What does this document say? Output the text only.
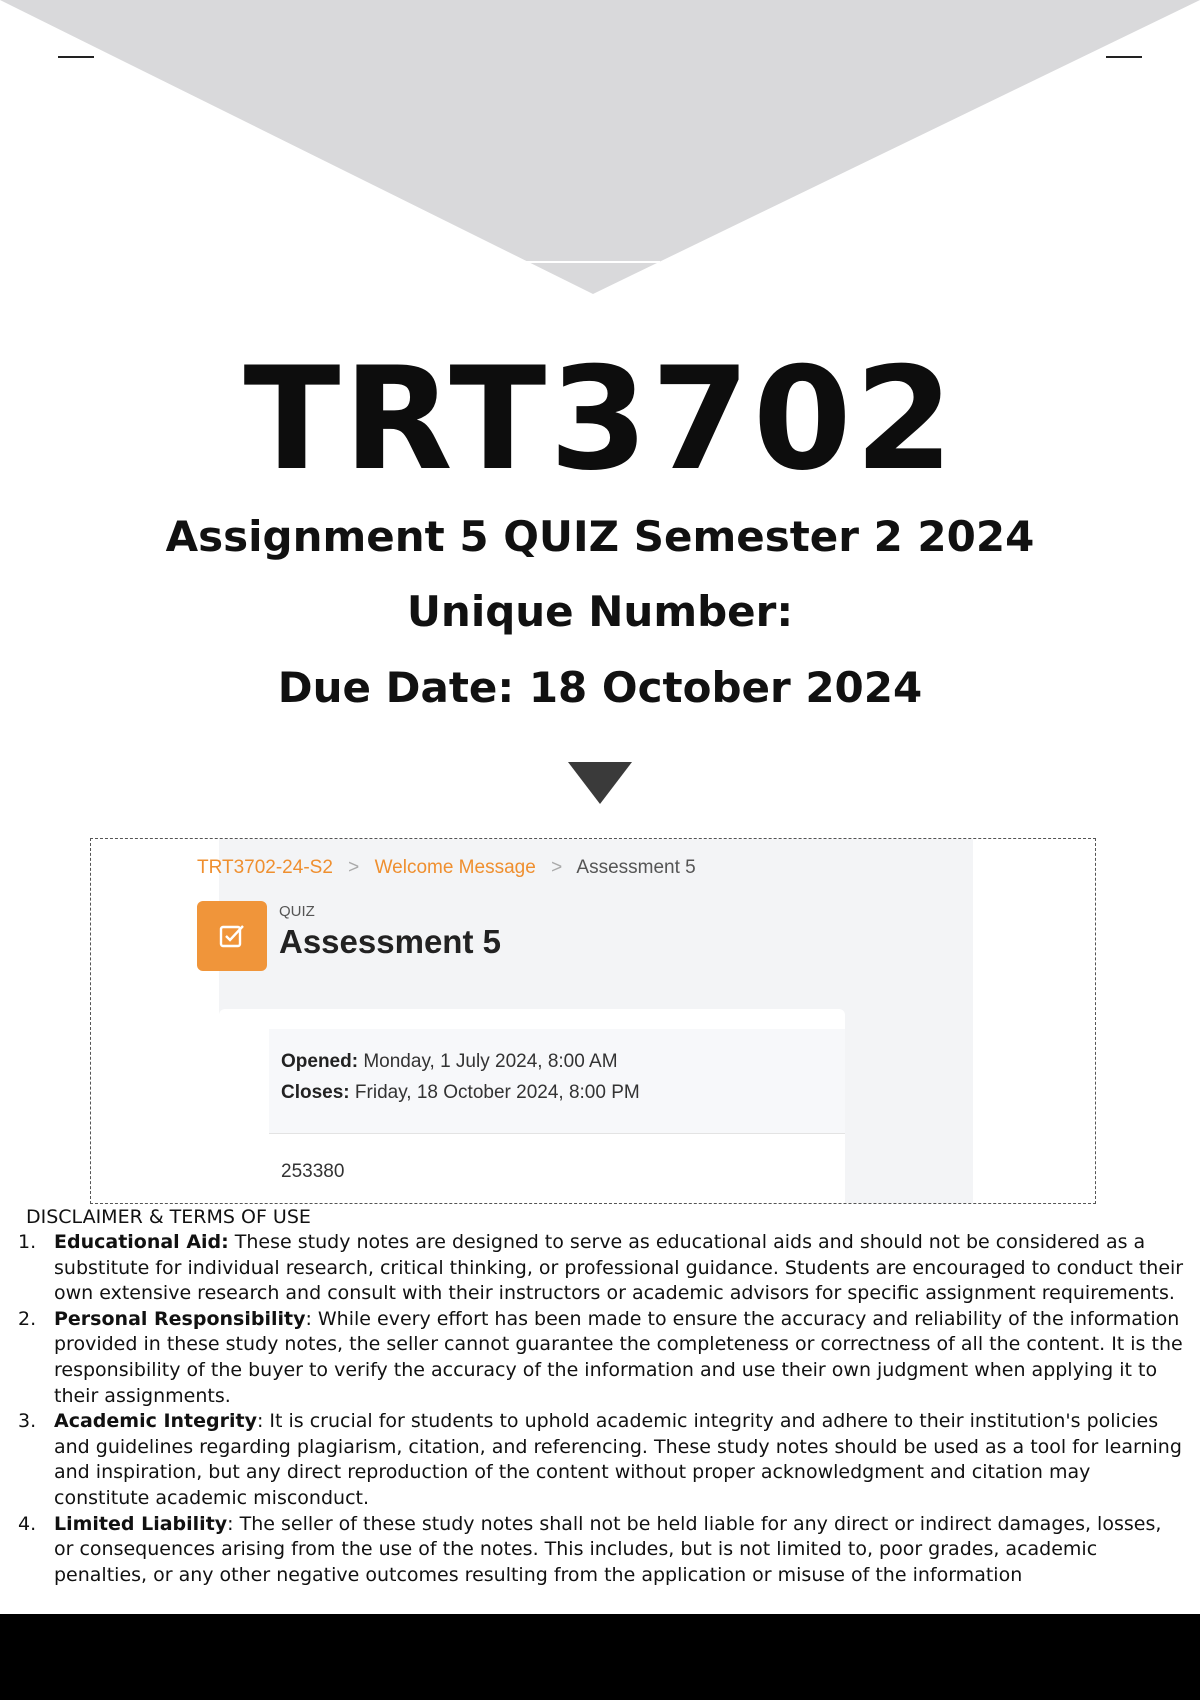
TRT3702
Assignment 5 QUIZ Semester 2 2024
Unique Number:
Due Date: 18 October 2024
TRT3702-24-S2 > Welcome Message > Assessment 5
QUIZ
Assessment 5
Opened: Monday, 1 July 2024, 8:00 AM
Closes: Friday, 18 October 2024, 8:00 PM
253380
DISCLAIMER & TERMS OF USE
1. Educational Aid: These study notes are designed to serve as educational aids and should not be considered as a substitute for individual research, critical thinking, or professional guidance. Students are encouraged to conduct their own extensive research and consult with their instructors or academic advisors for specific assignment requirements.
2. Personal Responsibility: While every effort has been made to ensure the accuracy and reliability of the information provided in these study notes, the seller cannot guarantee the completeness or correctness of all the content. It is the responsibility of the buyer to verify the accuracy of the information and use their own judgment when applying it to their assignments.
3. Academic Integrity: It is crucial for students to uphold academic integrity and adhere to their institution's policies and guidelines regarding plagiarism, citation, and referencing. These study notes should be used as a tool for learning and inspiration, but any direct reproduction of the content without proper acknowledgment and citation may constitute academic misconduct.
4. Limited Liability: The seller of these study notes shall not be held liable for any direct or indirect damages, losses, or consequences arising from the use of the notes. This includes, but is not limited to, poor grades, academic penalties, or any other negative outcomes resulting from the application or misuse of the information
